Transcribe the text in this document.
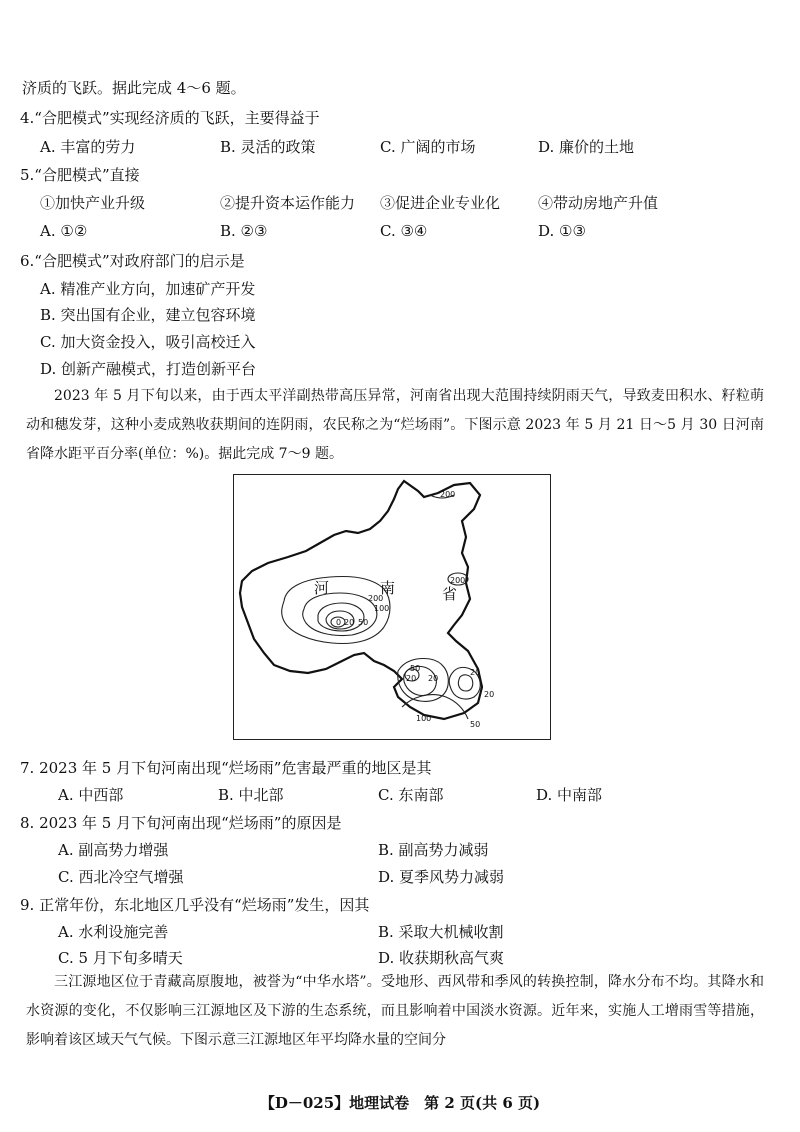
济质的飞跃。据此完成 4～6 题。
4.“合肥模式”实现经济质的飞跃，主要得益于
A. 丰富的劳力	B. 灵活的政策	C. 广阔的市场	D. 廉价的土地
5.“合肥模式”直接
①加快产业升级	②提升资本运作能力 ③促进企业专业化	④带动房地产升值
A. ①②	B. ②③	C. ③④	D. ①③
6.“合肥模式”对政府部门的启示是
A. 精准产业方向，加速矿产开发
B. 突出国有企业，建立包容环境
C. 加大资金投入，吸引高校迁入
D. 创新产融模式，打造创新平台
2023 年 5 月下旬以来，由于西太平洋副热带高压异常，河南省出现大范围持续阴雨天气，导致麦田积水、籽粒萌动和穗发芽，这种小麦成熟收获期间的连阴雨，农民称之为“烂场雨”。下图示意 2023 年 5 月 21 日～5 月 30 日河南省降水距平百分率(单位：%)。据此完成 7～9 题。
河	南	省
200
200
200
100
0 20 50
50
20 20
20
20
100
50
7. 2023 年 5 月下旬河南出现“烂场雨”危害最严重的地区是其
A. 中西部	B. 中北部	C. 东南部	D. 中南部
8. 2023 年 5 月下旬河南出现“烂场雨”的原因是
A. 副高势力增强	B. 副高势力减弱
C. 西北冷空气增强	D. 夏季风势力减弱
9. 正常年份，东北地区几乎没有“烂场雨”发生，因其
A. 水利设施完善	B. 采取大机械收割
C. 5 月下旬多晴天	D. 收获期秋高气爽
三江源地区位于青藏高原腹地，被誉为“中华水塔”。受地形、西风带和季风的转换控制，降水分布不均。其降水和水资源的变化，不仅影响三江源地区及下游的生态系统，而且影响着中国淡水资源。近年来，实施人工增雨雪等措施，影响着该区域天气气候。下图示意三江源地区年平均降水量的空间分
【D－025】地理试卷　第 2 页(共 6 页)
